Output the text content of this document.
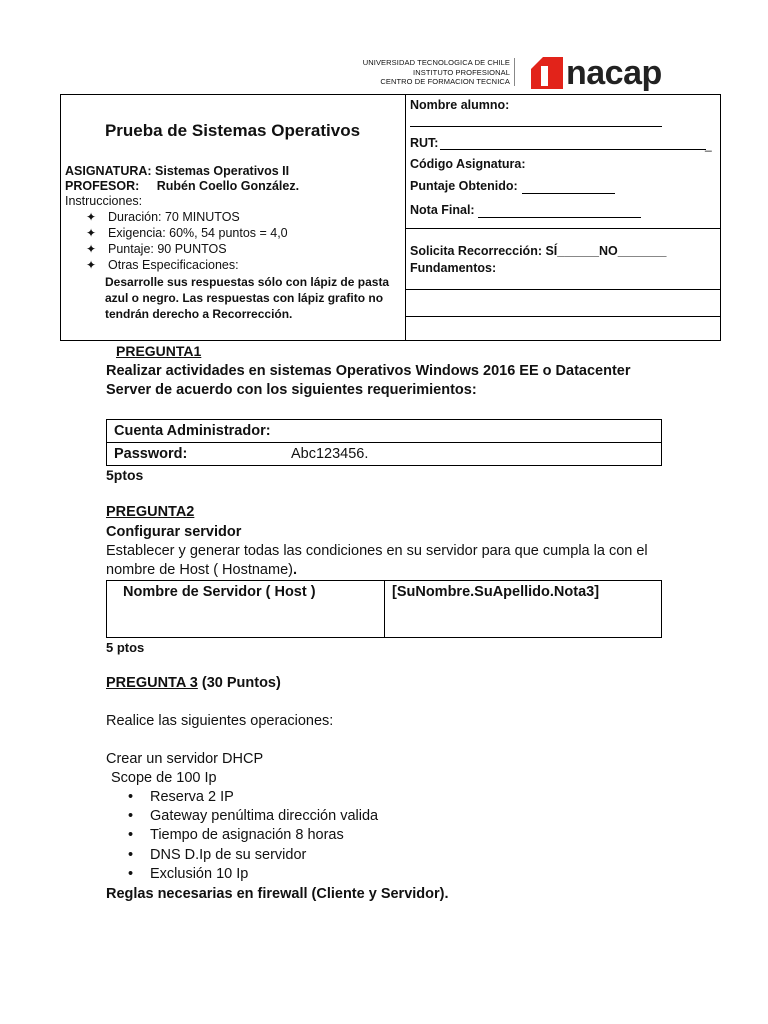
UNIVERSIDAD TECNOLOGICA DE CHILE
INSTITUTO PROFESIONAL
CENTRO DE FORMACION TECNICA nacap
Prueba de Sistemas Operativos
ASIGNATURA: Sistemas Operativos II
PROFESOR: Rubén Coello González.
Instrucciones:
✦ Duración: 70 MINUTOS
✦ Exigencia: 60%, 54 puntos = 4,0
✦ Puntaje: 90 PUNTOS
✦ Otras Especificaciones:
Desarrolle sus respuestas sólo con lápiz de pasta azul o negro. Las respuestas con lápiz grafito no tendrán derecho a Recorrección.
Nombre alumno:
RUT:	_
Código Asignatura:
Puntaje Obtenido:
Nota Final:
Solicita Recorrección: SÍ______NO_______
Fundamentos:
PREGUNTA1
Realizar actividades en sistemas Operativos Windows 2016 EE o Datacenter
Server de acuerdo con los siguientes requerimientos:
Cuenta Administrador:
Password:	Abc123456.
5ptos
PREGUNTA2
Configurar servidor
Establecer y generar todas las condiciones en su servidor para que cumpla la con el
nombre de Host ( Hostname).
Nombre de Servidor ( Host )	[SuNombre.SuApellido.Nota3]
5 ptos
PREGUNTA 3 (30 Puntos)
Realice las siguientes operaciones:
Crear un servidor DHCP
Scope de 100 Ip
• Reserva 2 IP
• Gateway penúltima dirección valida
• Tiempo de asignación 8 horas
• DNS D.Ip de su servidor
• Exclusión 10 Ip
Reglas necesarias en firewall (Cliente y Servidor).
